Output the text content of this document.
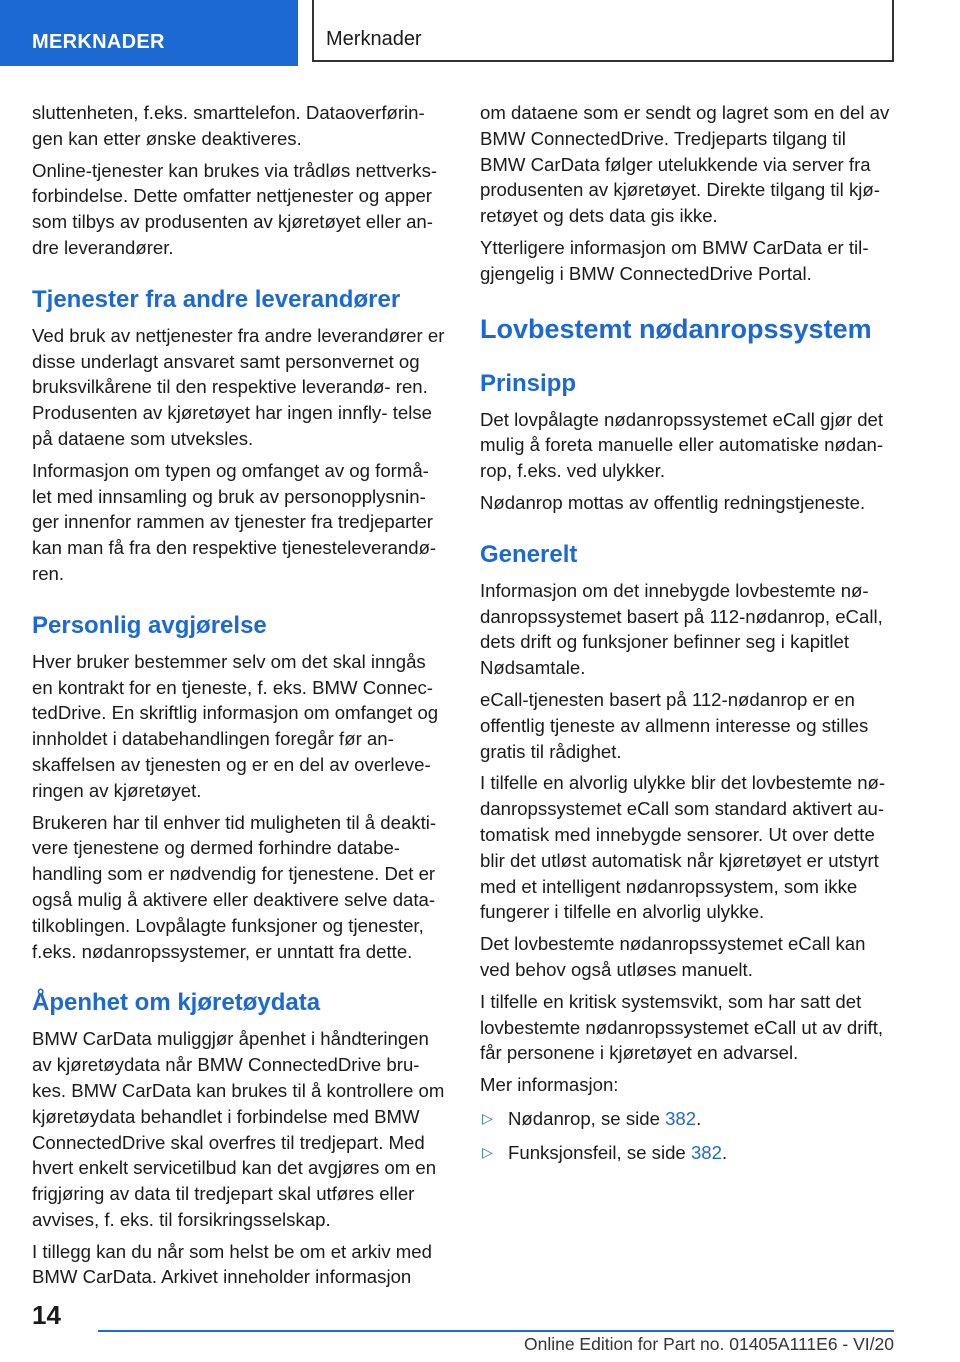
MERKNADER	Merknader

sluttenheten, f.eks. smarttelefon. Dataoverførin- gen kan etter ønske deaktiveres.

Online-tjenester kan brukes via trådløs nettverks- forbindelse. Dette omfatter nettjenester og apper som tilbys av produsenten av kjøretøyet eller an- dre leverandører.

Tjenester fra andre leverandører

Ved bruk av nettjenester fra andre leverandører er disse underlagt ansvaret samt personvernet og bruksvilkårene til den respektive leverandø- ren. Produsenten av kjøretøyet har ingen innfly- telse på dataene som utveksles.

Informasjon om typen og omfanget av og formå- let med innsamling og bruk av personopplysnin- ger innenfor rammen av tjenester fra tredjeparter kan man få fra den respektive tjenesteleverandø- ren.

Personlig avgjørelse

Hver bruker bestemmer selv om det skal inngås en kontrakt for en tjeneste, f. eks. BMW Connec- tedDrive. En skriftlig informasjon om omfanget og innholdet i databehandlingen foregår før an- skaffelsen av tjenesten og er en del av overleve- ringen av kjøretøyet.

Brukeren har til enhver tid muligheten til å deakti- vere tjenestene og dermed forhindre databe- handling som er nødvendig for tjenestene. Det er også mulig å aktivere eller deaktivere selve data- tilkoblingen. Lovpålagte funksjoner og tjenester, f.eks. nødanropssystemer, er unntatt fra dette.

Åpenhet om kjøretøydata

BMW CarData muliggjør åpenhet i håndteringen av kjøretøydata når BMW ConnectedDrive bru- kes. BMW CarData kan brukes til å kontrollere om kjøretøydata behandlet i forbindelse med BMW ConnectedDrive skal overfres til tredjepart. Med hvert enkelt servicetilbud kan det avgjøres om en frigjøring av data til tredjepart skal utføres eller avvises, f. eks. til forsikringsselskap.

I tillegg kan du når som helst be om et arkiv med BMW CarData. Arkivet inneholder informasjon

om dataene som er sendt og lagret som en del av BMW ConnectedDrive. Tredjeparts tilgang til BMW CarData følger utelukkende via server fra produsenten av kjøretøyet. Direkte tilgang til kjø- retøyet og dets data gis ikke.

Ytterligere informasjon om BMW CarData er til- gjengelig i BMW ConnectedDrive Portal.

Lovbestemt nødanropssystem
Prinsipp

Det lovpålagte nødanropssystemet eCall gjør det mulig å foreta manuelle eller automatiske nødan- rop, f.eks. ved ulykker.

Nødanrop mottas av offentlig redningstjeneste.

Generelt

Informasjon om det innebygde lovbestemte nø- danropssystemet basert på 112-nødanrop, eCall, dets drift og funksjoner befinner seg i kapitlet Nødsamtale.

eCall-tjenesten basert på 112-nødanrop er en offentlig tjeneste av allmenn interesse og stilles gratis til rådighet.

I tilfelle en alvorlig ulykke blir det lovbestemte nø- danropssystemet eCall som standard aktivert au- tomatisk med innebygde sensorer. Ut over dette blir det utløst automatisk når kjøretøyet er utstyrt med et intelligent nødanropssystem, som ikke fungerer i tilfelle en alvorlig ulykke.

Det lovbestemte nødanropssystemet eCall kan ved behov også utløses manuelt.

I tilfelle en kritisk systemsvikt, som har satt det lovbestemte nødanropssystemet eCall ut av drift, får personene i kjøretøyet en advarsel.

Mer informasjon:

▷ Nødanrop, se side 382.
▷ Funksjonsfeil, se side 382.
14
Online Edition for Part no. 01405A111E6 - VI/20
